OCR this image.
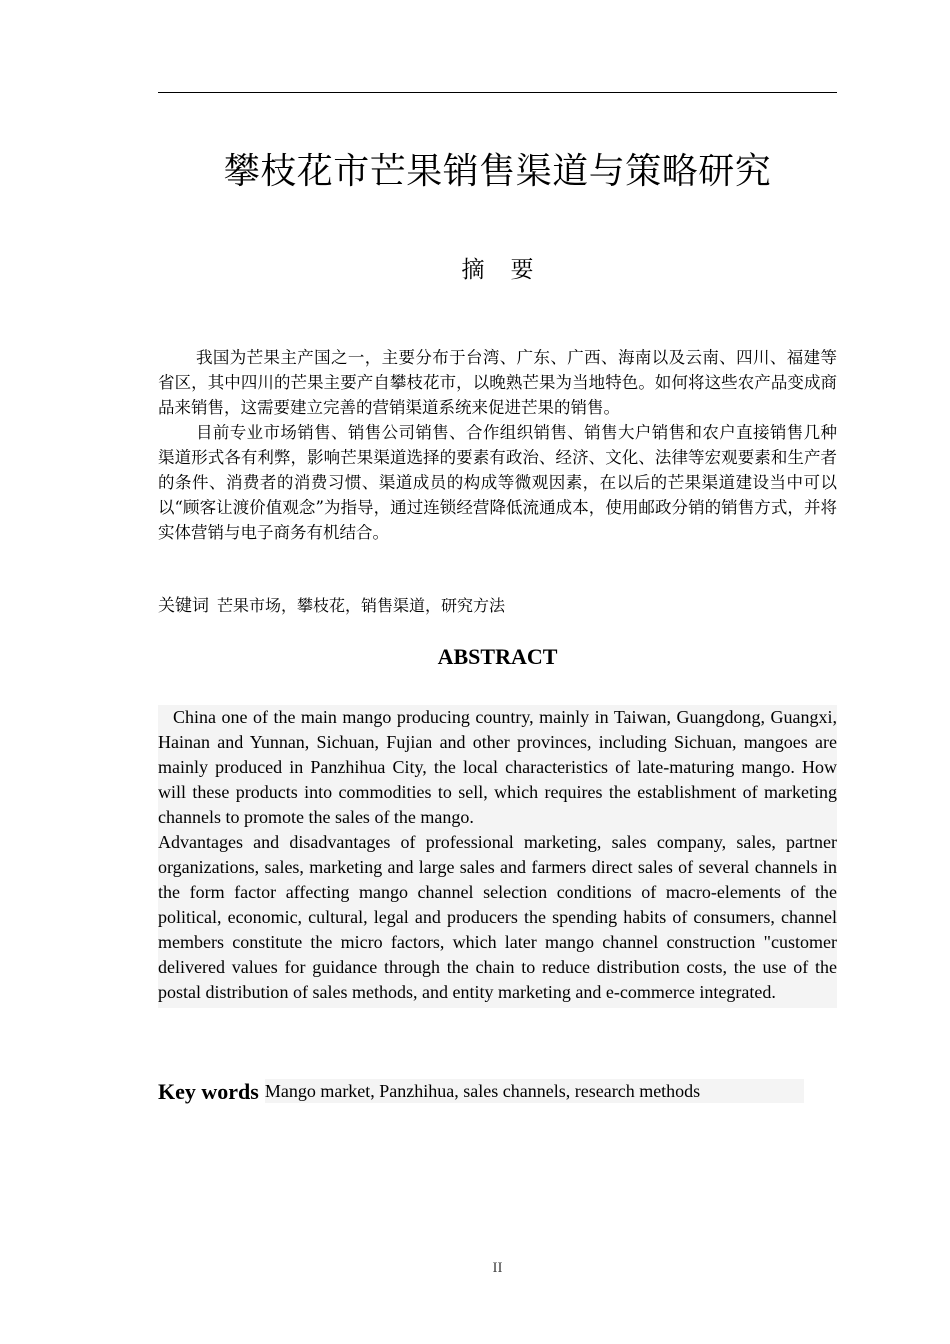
攀枝花市芒果销售渠道与策略研究
摘要

我国为芒果主产国之一，主要分布于台湾、广东、广西、海南以及云南、四川、福建等省区，其中四川的芒果主要产自攀枝花市，以晚熟芒果为当地特色。如何将这些农产品变成商品来销售，这需要建立完善的营销渠道系统来促进芒果的销售。

目前专业市场销售、销售公司销售、合作组织销售、销售大户销售和农户直接销售几种渠道形式各有利弊，影响芒果渠道选择的要素有政治、经济、文化、法律等宏观要素和生产者的条件、消费者的消费习惯、渠道成员的构成等微观因素，在以后的芒果渠道建设当中可以以“顾客让渡价值观念”为指导，通过连锁经营降低流通成本，使用邮政分销的销售方式，并将实体营销与电子商务有机结合。

关键词 芒果市场，攀枝花，销售渠道，研究方法
ABSTRACT

China one of the main mango producing country, mainly in Taiwan, Guangdong, Guangxi, Hainan and Yunnan, Sichuan, Fujian and other provinces, including Sichuan, mangoes are mainly produced in Panzhihua City, the local characteristics of late-maturing mango. How will these products into commodities to sell, which requires the establishment of marketing channels to promote the sales of the mango.

Advantages and disadvantages of professional marketing, sales company, sales, partner organizations, sales, marketing and large sales and farmers direct sales of several channels in the form factor affecting mango channel selection conditions of macro-elements of the political, economic, cultural, legal and producers the spending habits of consumers, channel members constitute the micro factors, which later mango channel construction "customer delivered values for guidance through the chain to reduce distribution costs, the use of the postal distribution of sales methods, and entity marketing and e-commerce integrated.

Key words Mango market, Panzhihua, sales channels, research methods
II
